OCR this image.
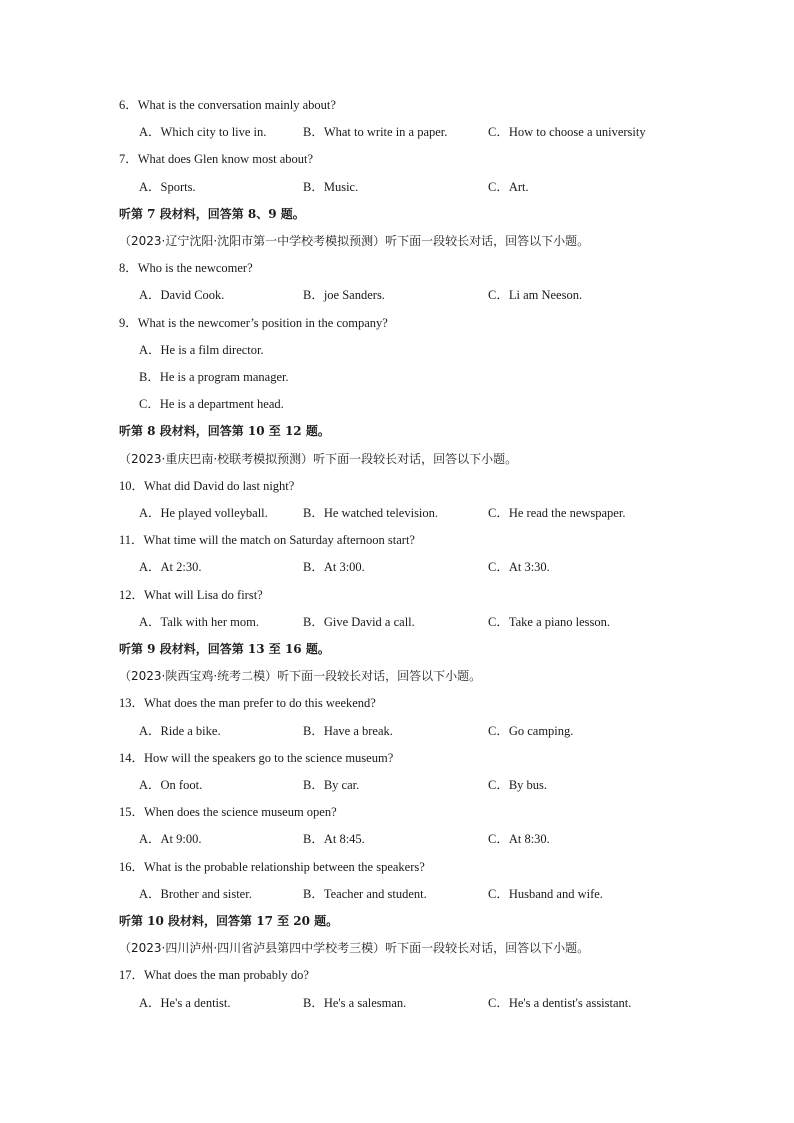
6．What is the conversation mainly about?
A．Which city to live in.	B．What to write in a paper.	C．How to choose a university
7．What does Glen know most about?
A．Sports.	B．Music.	C．Art.
听第 7 段材料，回答第 8、9 题。
（2023·辽宁沈阳·沈阳市第一中学校考模拟预测）听下面一段较长对话，回答以下小题。
8．Who is the newcomer?
A．David Cook.	B．joe Sanders.	C．Li am Neeson.
9．What is the newcomer’s position in the company?
A．He is a film director.
B．He is a program manager.
C．He is a department head.
听第 8 段材料，回答第 10 至 12 题。
（2023·重庆巴南·校联考模拟预测）听下面一段较长对话，回答以下小题。
10．What did David do last night?
A．He played volleyball.	B．He watched television.	C．He read the newspaper.
11．What time will the match on Saturday afternoon start?
A．At 2:30.	B．At 3:00.	C．At 3:30.
12．What will Lisa do first?
A．Talk with her mom.	B．Give David a call.	C．Take a piano lesson.
听第 9 段材料，回答第 13 至 16 题。
（2023·陕西宝鸡·统考二模）听下面一段较长对话，回答以下小题。
13．What does the man prefer to do this weekend?
A．Ride a bike.	B．Have a break.	C．Go camping.
14．How will the speakers go to the science museum?
A．On foot.	B．By car.	C．By bus.
15．When does the science museum open?
A．At 9:00.	B．At 8:45.	C．At 8:30.
16．What is the probable relationship between the speakers?
A．Brother and sister.	B．Teacher and student.	C．Husband and wife.
听第 10 段材料，回答第 17 至 20 题。
（2023·四川泸州·四川省泸县第四中学校考三模）听下面一段较长对话，回答以下小题。
17．What does the man probably do?
A．He's a dentist.	B．He's a salesman.	C．He's a dentist's assistant.
